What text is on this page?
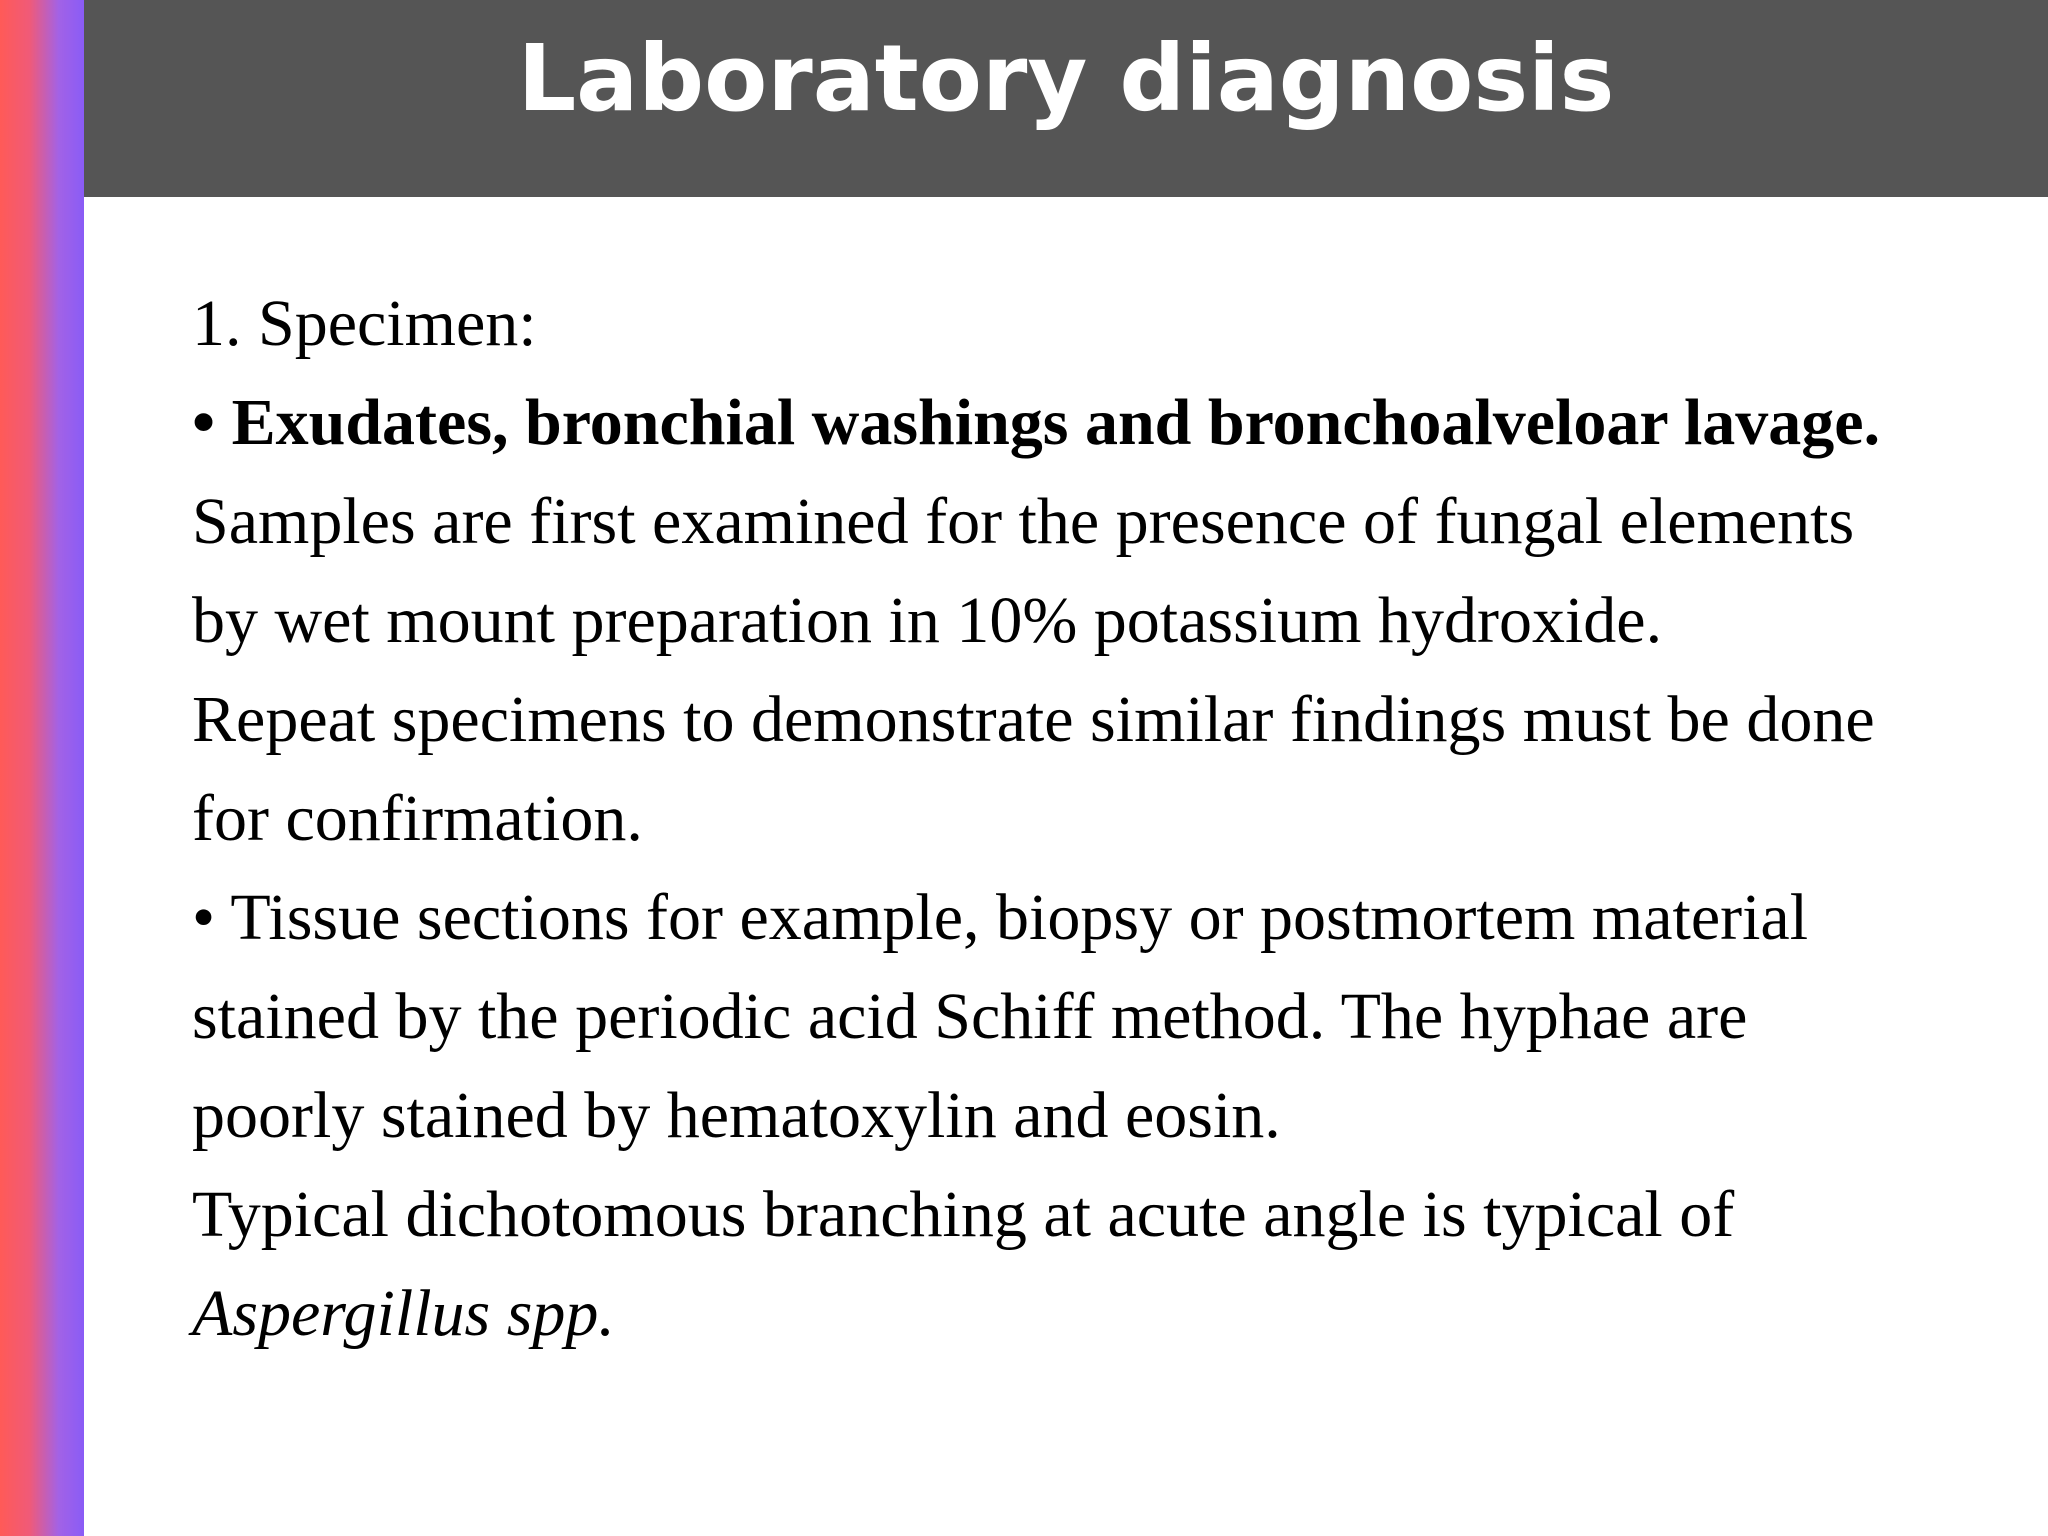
Laboratory diagnosis
1. Specimen:
• Exudates, bronchial washings and bronchoalveloar lavage.
Samples are first examined for the presence of fungal elements
by wet mount preparation in 10% potassium hydroxide.
Repeat specimens to demonstrate similar findings must be done
for confirmation.
• Tissue sections for example, biopsy or postmortem material
stained by the periodic acid Schiff method. The hyphae are
poorly stained by hematoxylin and eosin.
Typical dichotomous branching at acute angle is typical of
Aspergillus spp.
